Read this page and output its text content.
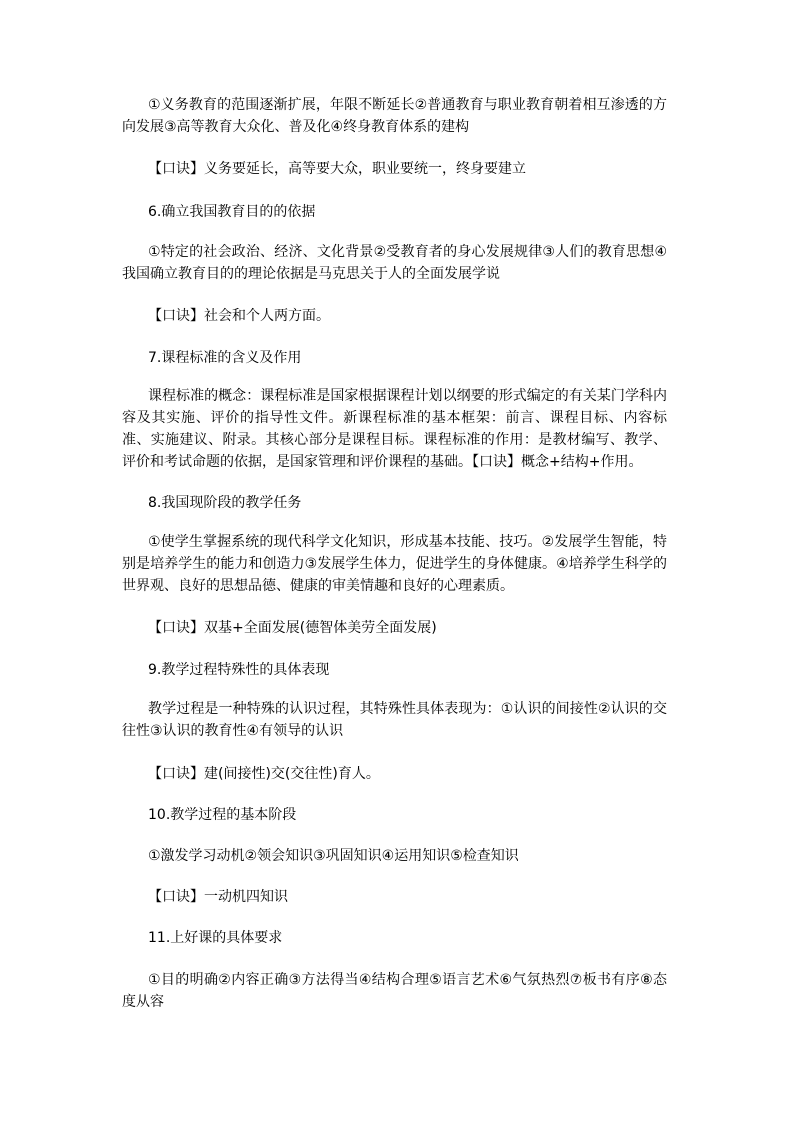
①义务教育的范围逐渐扩展，年限不断延长②普通教育与职业教育朝着相互渗透的方向发展③高等教育大众化、普及化④终身教育体系的建构

【口诀】义务要延长，高等要大众，职业要统一，终身要建立

6.确立我国教育目的的依据

①特定的社会政治、经济、文化背景②受教育者的身心发展规律③人们的教育思想④我国确立教育目的的理论依据是马克思关于人的全面发展学说

【口诀】社会和个人两方面。

7.课程标准的含义及作用

课程标准的概念：课程标准是国家根据课程计划以纲要的形式编定的有关某门学科内容及其实施、评价的指导性文件。新课程标准的基本框架：前言、课程目标、内容标准、实施建议、附录。其核心部分是课程目标。课程标准的作用：是教材编写、教学、评价和考试命题的依据，是国家管理和评价课程的基础。【口诀】概念+结构+作用。

8.我国现阶段的教学任务

①使学生掌握系统的现代科学文化知识，形成基本技能、技巧。②发展学生智能，特别是培养学生的能力和创造力③发展学生体力，促进学生的身体健康。④培养学生科学的世界观、良好的思想品德、健康的审美情趣和良好的心理素质。

【口诀】双基+全面发展(德智体美劳全面发展)

9.教学过程特殊性的具体表现

教学过程是一种特殊的认识过程，其特殊性具体表现为：①认识的间接性②认识的交往性③认识的教育性④有领导的认识

【口诀】建(间接性)交(交往性)育人。

10.教学过程的基本阶段

①激发学习动机②领会知识③巩固知识④运用知识⑤检查知识

【口诀】一动机四知识

11.上好课的具体要求

①目的明确②内容正确③方法得当④结构合理⑤语言艺术⑥气氛热烈⑦板书有序⑧态度从容
